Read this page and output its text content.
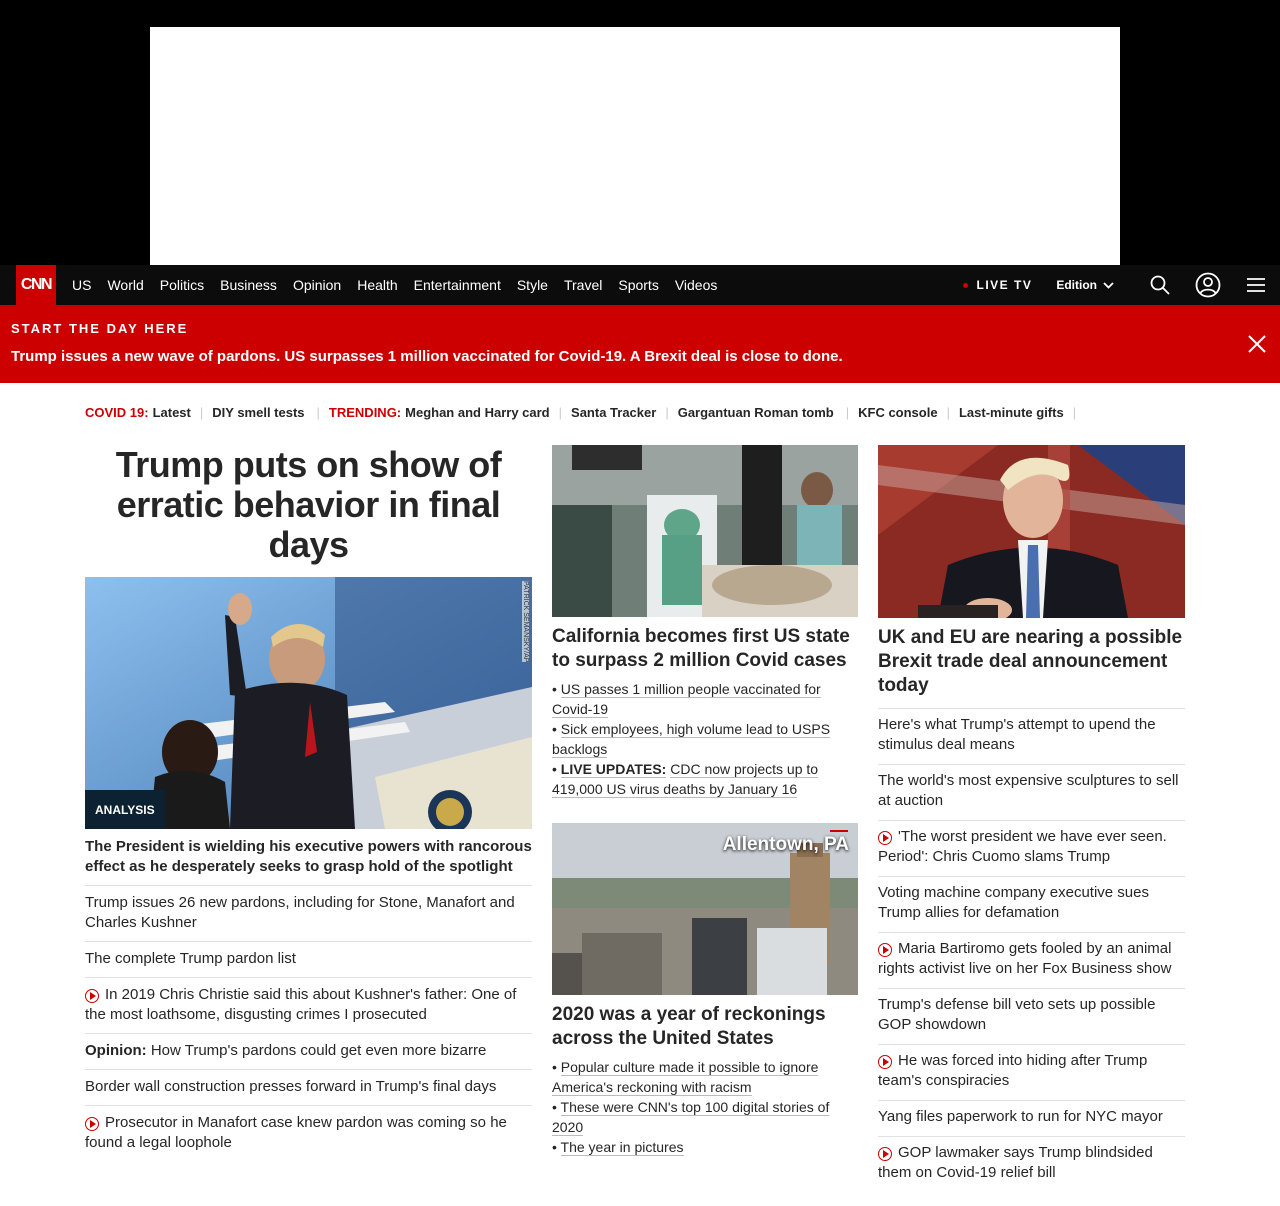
CNN	US World Politics Business Opinion Health Entertainment Style Travel Sports Videos	LIVE TV Edition
START THE DAY HERE
Trump issues a new wave of pardons. US surpasses 1 million vaccinated for Covid-19. A Brexit deal is close to done.
COVID 19: Latest | DIY smell tests | TRENDING: Meghan and Harry card | Santa Tracker | Gargantuan Roman tomb | KFC console | Last-minute gifts |
Trump puts on show of erratic behavior in final days
PATRICK SEMANSKY/AP
ANALYSIS
The President is wielding his executive powers with rancorous effect as he desperately seeks to grasp hold of the spotlight
Trump issues 26 new pardons, including for Stone, Manafort and Charles Kushner
The complete Trump pardon list
In 2019 Chris Christie said this about Kushner's father: One of the most loathsome, disgusting crimes I prosecuted
Opinion: How Trump's pardons could get even more bizarre
Border wall construction presses forward in Trump's final days
Prosecutor in Manafort case knew pardon was coming so he found a legal loophole
California becomes first US state to surpass 2 million Covid cases
• US passes 1 million people vaccinated for Covid-19
• Sick employees, high volume lead to USPS backlogs
• LIVE UPDATES: CDC now projects up to 419,000 US virus deaths by January 16
Allentown, PA
2020 was a year of reckonings across the United States
• Popular culture made it possible to ignore America's reckoning with racism
• These were CNN's top 100 digital stories of 2020
• The year in pictures
UK and EU are nearing a possible Brexit trade deal announcement today
Here's what Trump's attempt to upend the stimulus deal means
The world's most expensive sculptures to sell at auction
'The worst president we have ever seen. Period': Chris Cuomo slams Trump
Voting machine company executive sues Trump allies for defamation
Maria Bartiromo gets fooled by an animal rights activist live on her Fox Business show
Trump's defense bill veto sets up possible GOP showdown
He was forced into hiding after Trump team's conspiracies
Yang files paperwork to run for NYC mayor
GOP lawmaker says Trump blindsided them on Covid-19 relief bill
